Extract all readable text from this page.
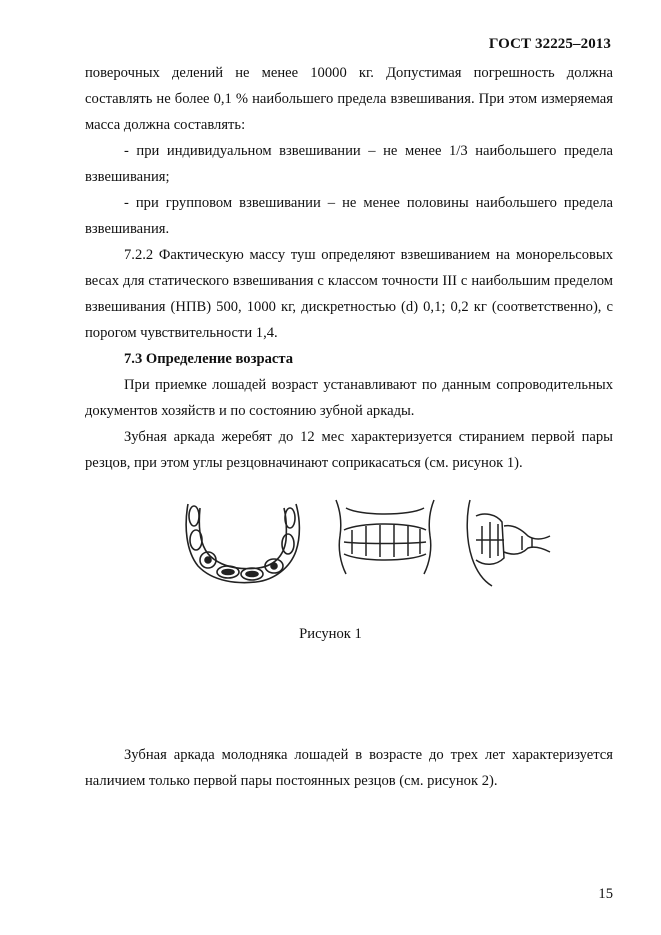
ГОСТ 32225–2013

поверочных делений не менее 10000 кг. Допустимая погрешность должна составлять не более 0,1 % наибольшего предела взвешивания. При этом измеряемая масса должна составлять:

- при индивидуальном взвешивании – не менее 1/3 наибольшего предела взвешивания;

- при групповом взвешивании – не менее половины наибольшего предела взвешивания.

7.2.2 Фактическую массу туш определяют взвешиванием на монорельсовых весах для статического взвешивания с классом точности III с наибольшим пределом взвешивания (НПВ) 500, 1000 кг, дискретностью (d) 0,1; 0,2 кг (соответственно), с порогом чувствительности 1,4.

7.3 Определение возраста

При приемке лошадей возраст устанавливают по данным сопроводительных документов хозяйств и по состоянию зубной аркады.

Зубная аркада жеребят до 12 мес характеризуется стиранием первой пары резцов, при этом углы резцовначинают соприкасаться (см. рисунок 1).

Рисунок 1

Зубная аркада молодняка лошадей в возрасте до трех лет характеризуется наличием только первой пары постоянных резцов (см. рисунок 2).

15
